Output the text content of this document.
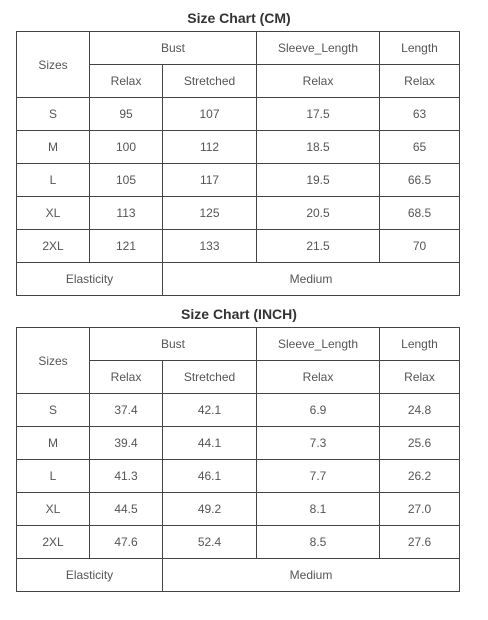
Size Chart (CM)
Sizes	Bust		Sleeve_Length	Length
	Relax	Stretched	Relax	Relax
S	95	107	17.5	63
M	100	112	18.5	65
L	105	117	19.5	66.5
XL	113	125	20.5	68.5
2XL	121	133	21.5	70
Elasticity		Medium		
Size Chart (INCH)
Sizes	Bust		Sleeve_Length	Length
	Relax	Stretched	Relax	Relax
S	37.4	42.1	6.9	24.8
M	39.4	44.1	7.3	25.6
L	41.3	46.1	7.7	26.2
XL	44.5	49.2	8.1	27.0
2XL	47.6	52.4	8.5	27.6
Elasticity		Medium		
